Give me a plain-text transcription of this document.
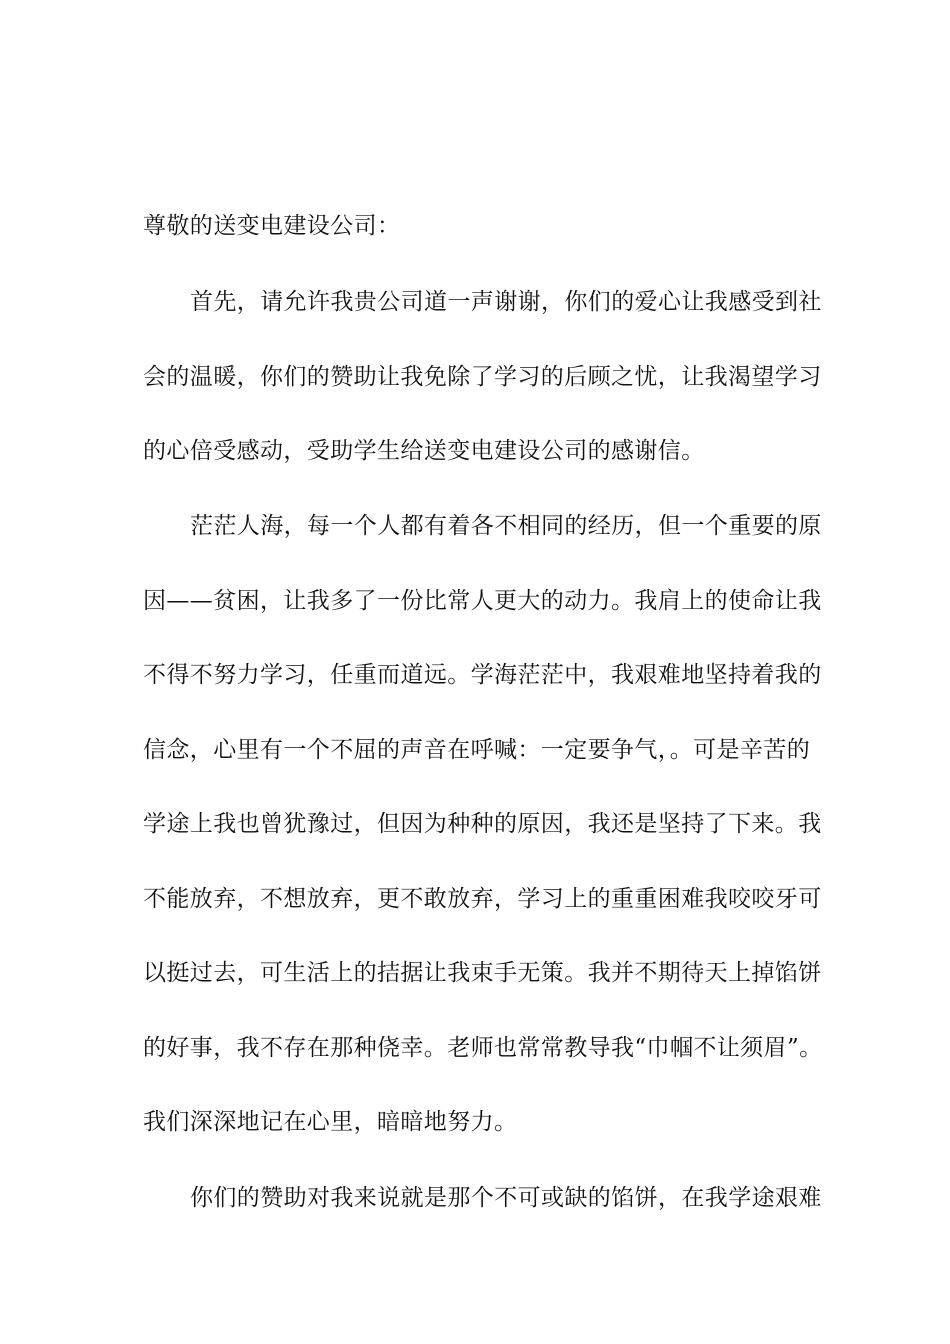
尊敬的送变电建设公司：
首先，请允许我贵公司道一声谢谢，你们的爱心让我感受到社
会的温暖，你们的赞助让我免除了学习的后顾之忧，让我渴望学习
的心倍受感动，受助学生给送变电建设公司的感谢信。
茫茫人海，每一个人都有着各不相同的经历，但一个重要的原
因——贫困，让我多了一份比常人更大的动力。我肩上的使命让我
不得不努力学习，任重而道远。学海茫茫中，我艰难地坚持着我的
信念，心里有一个不屈的声音在呼喊：一定要争气，。可是辛苦的
学途上我也曾犹豫过，但因为种种的原因，我还是坚持了下来。我
不能放弃，不想放弃，更不敢放弃，学习上的重重困难我咬咬牙可
以挺过去，可生活上的拮据让我束手无策。我并不期待天上掉馅饼
的好事，我不存在那种侥幸。老师也常常教导我“巾帼不让须眉”。
我们深深地记在心里，暗暗地努力。
你们的赞助对我来说就是那个不可或缺的馅饼，在我学途艰难
